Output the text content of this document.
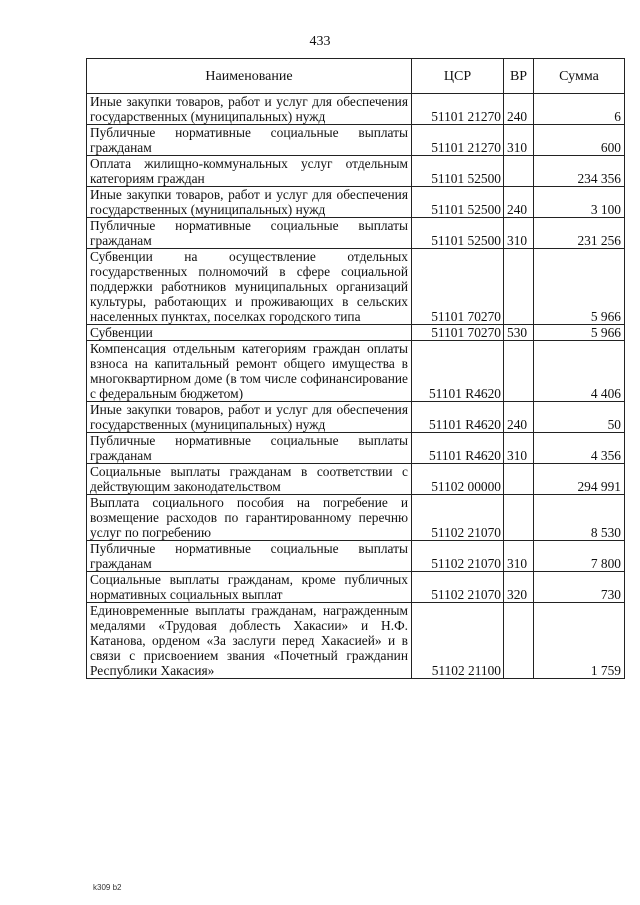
433
Наименование	ЦСР	ВР	Сумма
Иные закупки товаров, работ и услуг для обеспечения государственных (муниципальных) нужд	51101 21270	240	6
Публичные нормативные социальные выплаты гражданам	51101 21270	310	600
Оплата жилищно-коммунальных услуг отдельным категориям граждан	51101 52500		234 356
Иные закупки товаров, работ и услуг для обеспечения государственных (муниципальных) нужд	51101 52500	240	3 100
Публичные нормативные социальные выплаты гражданам	51101 52500	310	231 256
Субвенции на осуществление отдельных государственных полномочий в сфере социальной поддержки работников муниципальных организаций культуры, работающих и проживающих в сельских населенных пунктах, поселках городского типа	51101 70270		5 966
Субвенции	51101 70270	530	5 966
Компенсация отдельным категориям граждан оплаты взноса на капитальный ремонт общего имущества в многоквартирном доме (в том числе софинансирование с федеральным бюджетом)	51101 R4620		4 406
Иные закупки товаров, работ и услуг для обеспечения государственных (муниципальных) нужд	51101 R4620	240	50
Публичные нормативные социальные выплаты гражданам	51101 R4620	310	4 356
Социальные выплаты гражданам в соответствии с действующим законодательством	51102 00000		294 991
Выплата социального пособия на погребение и возмещение расходов по гарантированному перечню услуг по погребению	51102 21070		8 530
Публичные нормативные социальные выплаты гражданам	51102 21070	310	7 800
Социальные выплаты гражданам, кроме публичных нормативных социальных выплат	51102 21070	320	730
Единовременные выплаты гражданам, награжденным медалями «Трудовая доблесть Хакасии» и Н.Ф. Катанова, орденом «За заслуги перед Хакасией» и в связи с присвоением звания «Почетный гражданин Республики Хакасия»	51102 21100		1 759
k309 b2
